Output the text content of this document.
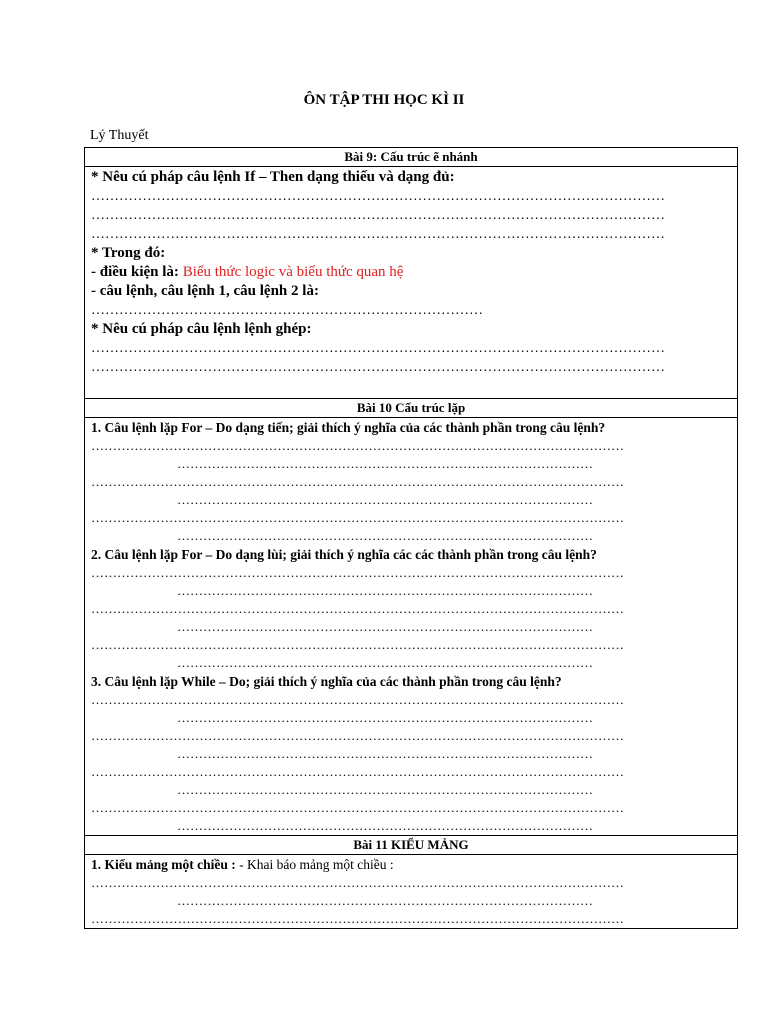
ÔN TẬP THI HỌC KÌ II
Lý Thuyết
Bài 9: Cấu trúc ẽ nhánh

* Nêu cú pháp câu lệnh If – Then dạng thiếu và dạng đủ:
……………………………………………………………………………………………………………
……………………………………………………………………………………………………………
……………………………………………………………………………………………………………
* Trong đó:
- điều kiện là: Biểu thức logic và biểu thức quan hệ
- câu lệnh, câu lệnh 1, câu lệnh 2 là:
…………………………………………………………………………
* Nêu cú pháp câu lệnh lệnh ghép:
……………………………………………………………………………………………………………
……………………………………………………………………………………………………………

Bài 10 Cấu trúc lặp

1. Câu lệnh lặp For – Do dạng tiến; giải thích ý nghĩa của các thành phần trong câu lệnh?
……………………………………………………………………………………………………………
……………………………………………………………………………………
……………………………………………………………………………………………………………
……………………………………………………………………………………
……………………………………………………………………………………………………………
……………………………………………………………………………………
2. Câu lệnh lặp For – Do dạng lùi; giải thích ý nghĩa các các thành phần trong câu lệnh?
……………………………………………………………………………………………………………
……………………………………………………………………………………
……………………………………………………………………………………………………………
……………………………………………………………………………………
……………………………………………………………………………………………………………
……………………………………………………………………………………
3. Câu lệnh lặp While – Do; giải thích ý nghĩa của các thành phần trong câu lệnh?
……………………………………………………………………………………………………………
……………………………………………………………………………………
……………………………………………………………………………………………………………
……………………………………………………………………………………
……………………………………………………………………………………………………………
……………………………………………………………………………………
……………………………………………………………………………………………………………
……………………………………………………………………………………

Bài 11 KIỂU MẢNG

1. Kiểu mảng một chiều : - Khai báo mảng một chiều :
……………………………………………………………………………………………………………
……………………………………………………………………………………
……………………………………………………………………………………………………………
